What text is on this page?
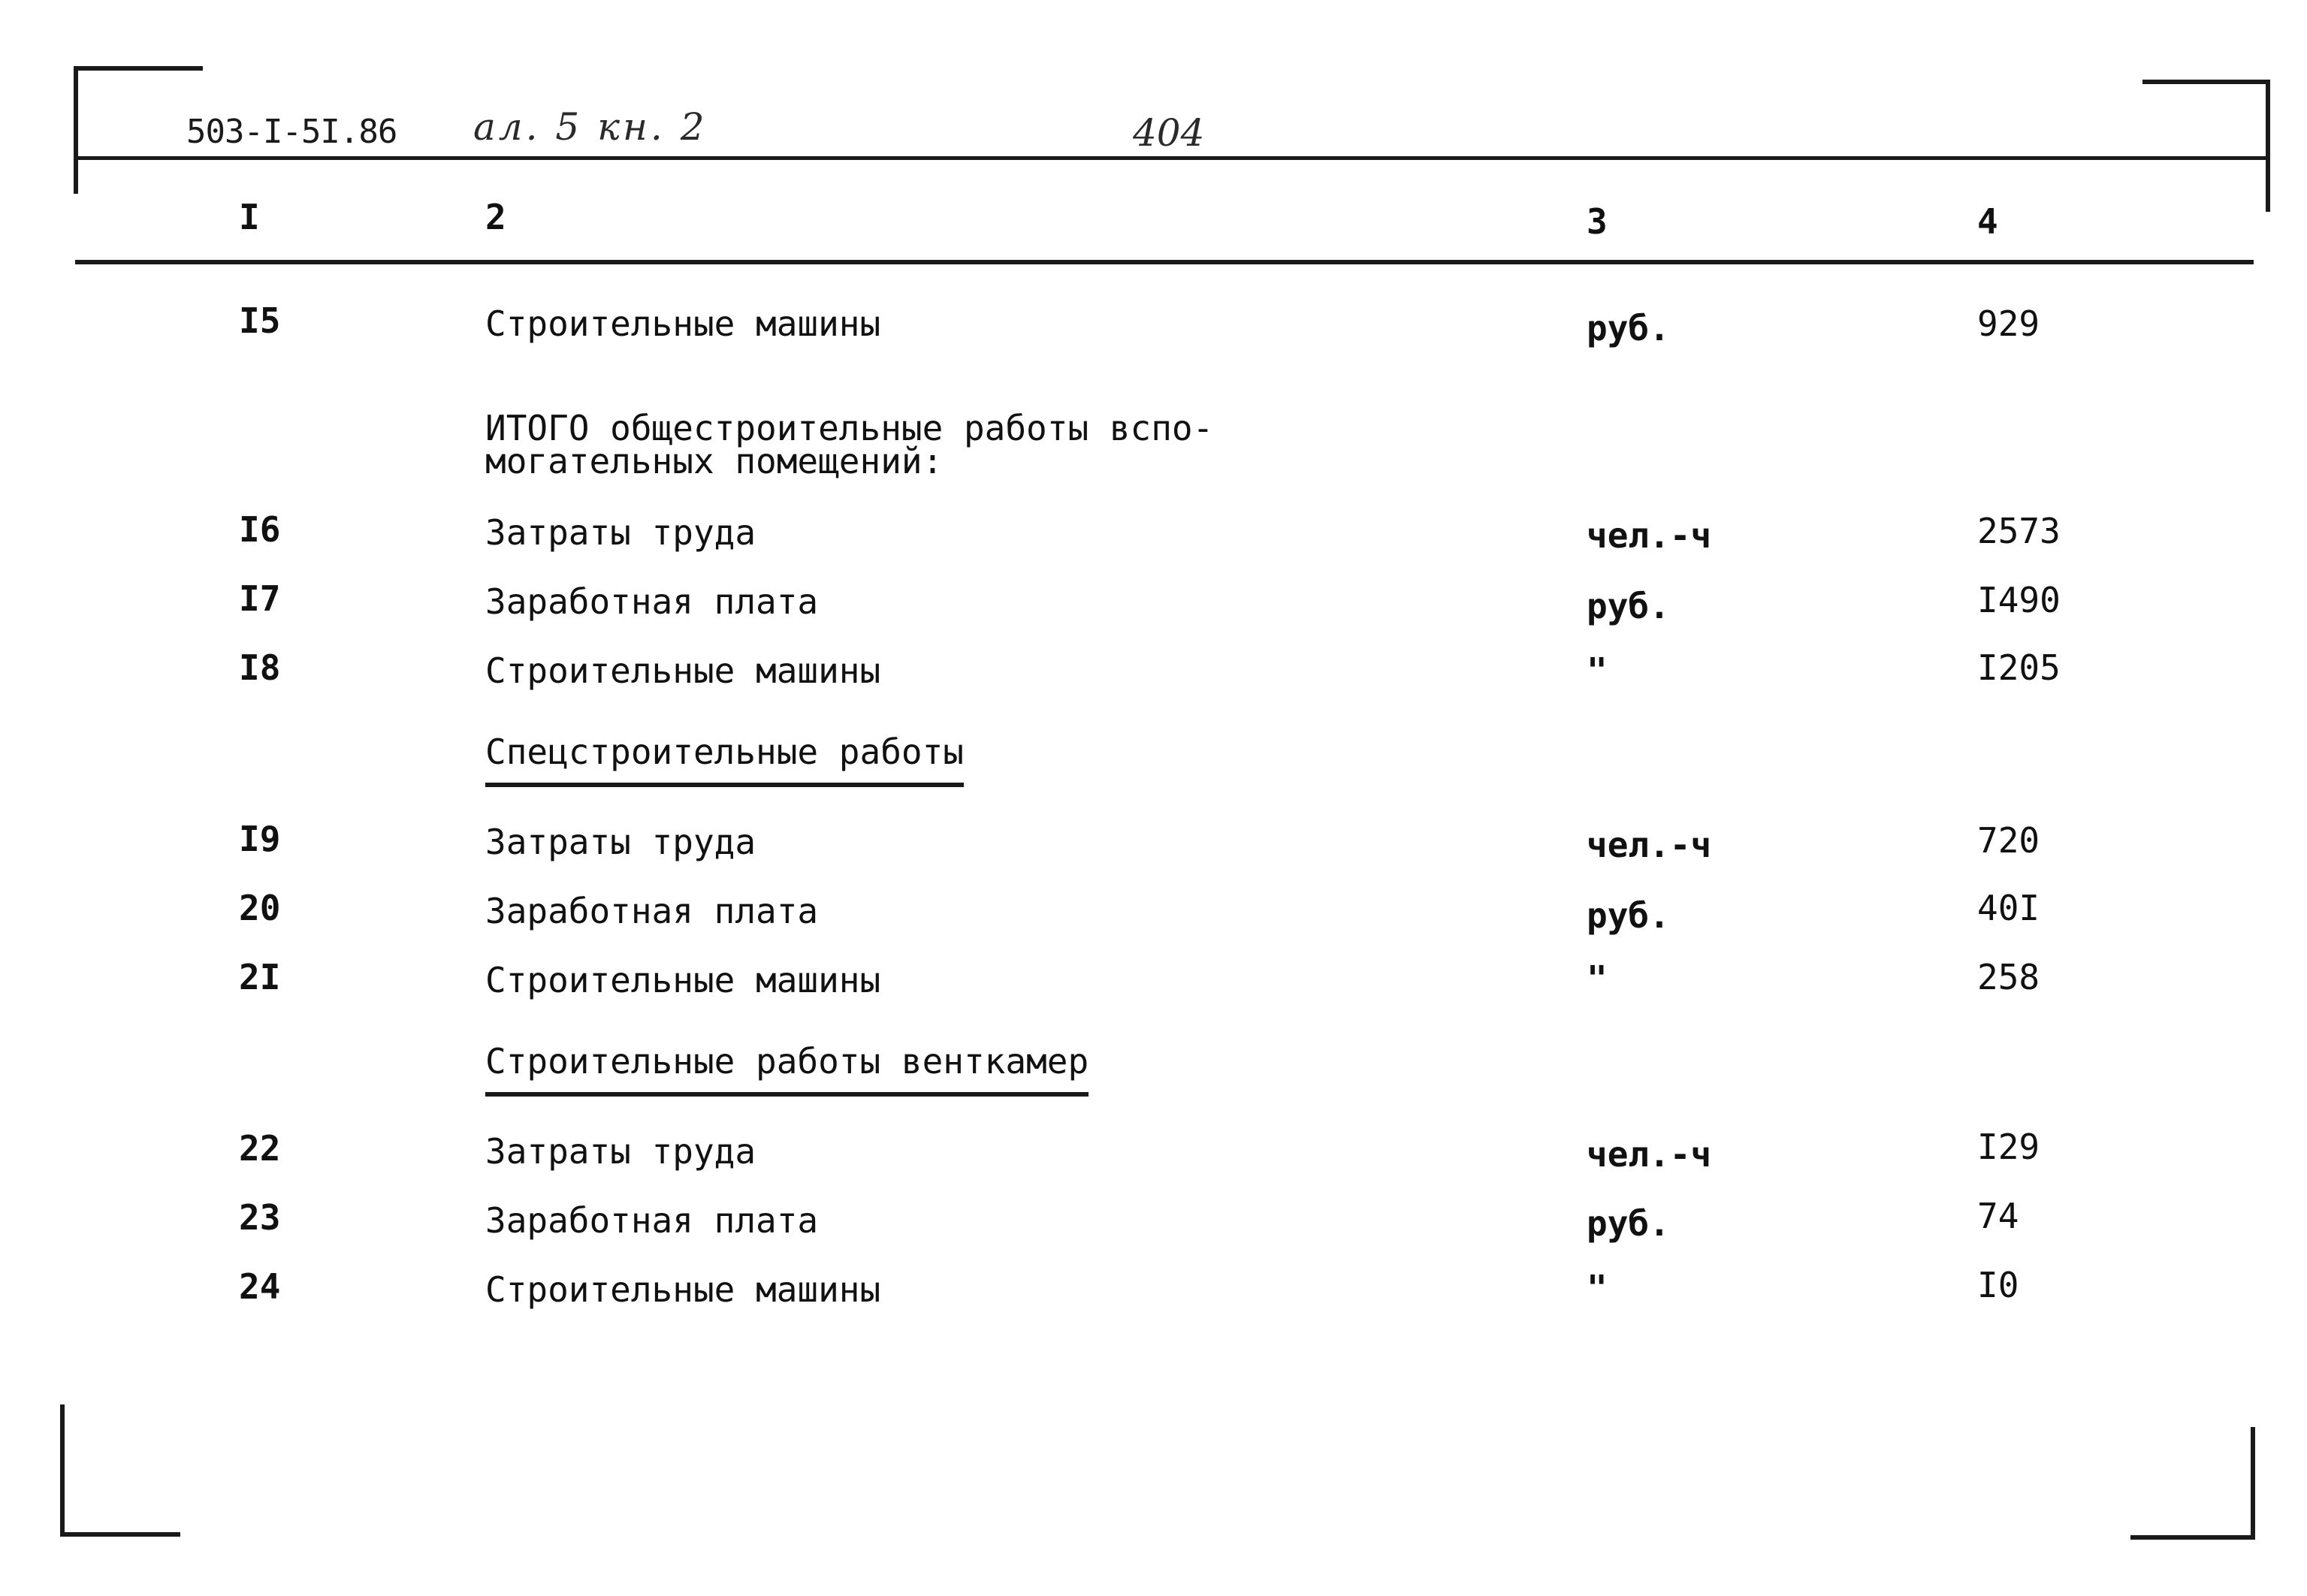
503-I-5I.86 ал. 5 кн. 2	404
I	2	3	4
I5	Строительные машины	руб.	929
ИТОГО общестроительные работы вспо-
могательных помещений:
I6	Затраты труда	чел.-ч	2573
I7	Заработная плата	руб.	I490
I8	Строительные машины	"	I205
Спецстроительные работы
I9	Затраты труда	чел.-ч	720
20	Заработная плата	руб.	40I
2I	Строительные машины	"	258
Строительные работы венткамер
22	Затраты труда	чел.-ч	I29
23	Заработная плата	руб.	74
24	Строительные машины	"	I0
